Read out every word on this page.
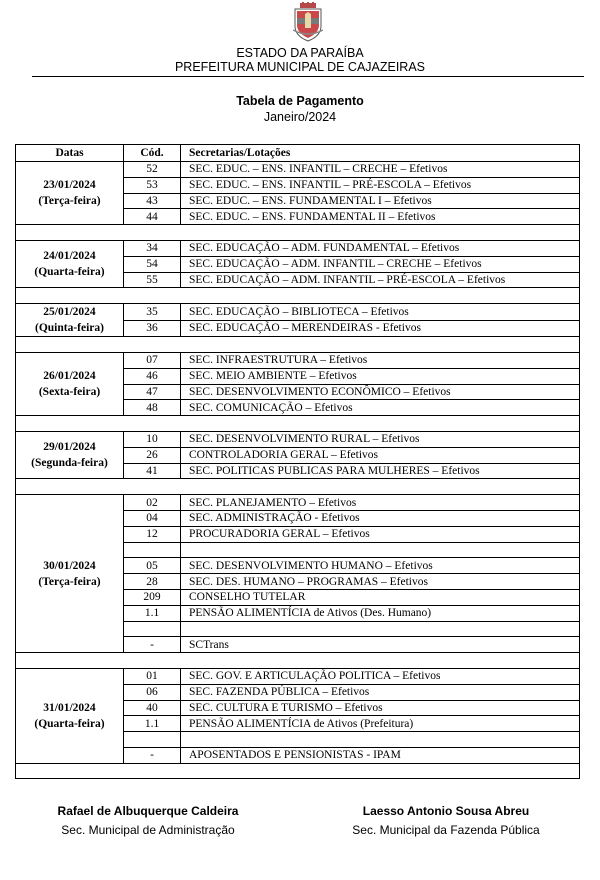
ESTADO DA PARAÍBA
PREFEITURA MUNICIPAL DE CAJAZEIRAS
Tabela de Pagamento
Janeiro/2024
Datas	Cód.	Secretarias/Lotações

23/01/2024
(Terça-feira)	52	SEC. EDUC. – ENS. INFANTIL – CRECHE – Efetivos
	53	SEC. EDUC. – ENS. INFANTIL – PRÉ-ESCOLA – Efetivos
	43	SEC. EDUC. – ENS. FUNDAMENTAL I – Efetivos
	44	SEC. EDUC. – ENS. FUNDAMENTAL II – Efetivos

24/01/2024
(Quarta-feira)	34	SEC. EDUCAÇÃO – ADM. FUNDAMENTAL – Efetivos
	54	SEC. EDUCAÇÃO – ADM. INFANTIL – CRECHE – Efetivos
	55	SEC. EDUCAÇÃO – ADM. INFANTIL – PRÉ-ESCOLA – Efetivos

25/01/2024
(Quinta-feira)	35	SEC. EDUCAÇÃO – BIBLIOTECA – Efetivos
	36	SEC. EDUCAÇÃO – MERENDEIRAS - Efetivos

26/01/2024
(Sexta-feira)	07	SEC. INFRAESTRUTURA – Efetivos
	46	SEC. MEIO AMBIENTE – Efetivos
	47	SEC. DESENVOLVIMENTO ECONÔMICO – Efetivos
	48	SEC. COMUNICAÇÃO – Efetivos

29/01/2024
(Segunda-feira)	10	SEC. DESENVOLVIMENTO RURAL – Efetivos
	26	CONTROLADORIA GERAL – Efetivos
	41	SEC. POLITICAS PUBLICAS PARA MULHERES – Efetivos

30/01/2024
(Terça-feira)	02	SEC. PLANEJAMENTO – Efetivos
	04	SEC. ADMINISTRAÇÃO - Efetivos
	12	PROCURADORIA GERAL – Efetivos

	05	SEC. DESENVOLVIMENTO HUMANO – Efetivos
	28	SEC. DES. HUMANO – PROGRAMAS – Efetivos
	209	CONSELHO TUTELAR
	1.1	PENSÃO ALIMENTÍCIA de Ativos (Des. Humano)

	-	SCTrans

31/01/2024
(Quarta-feira)	01	SEC. GOV. E ARTICULAÇÃO POLITICA – Efetivos
	06	SEC. FAZENDA PÚBLICA – Efetivos
	40	SEC. CULTURA E TURISMO – Efetivos
	1.1	PENSÃO ALIMENTÍCIA de Ativos (Prefeitura)

	-	APOSENTADOS E PENSIONISTAS - IPAM

Rafael de Albuquerque Caldeira
Sec. Municipal de Administração
Laesso Antonio Sousa Abreu
Sec. Municipal da Fazenda Pública
